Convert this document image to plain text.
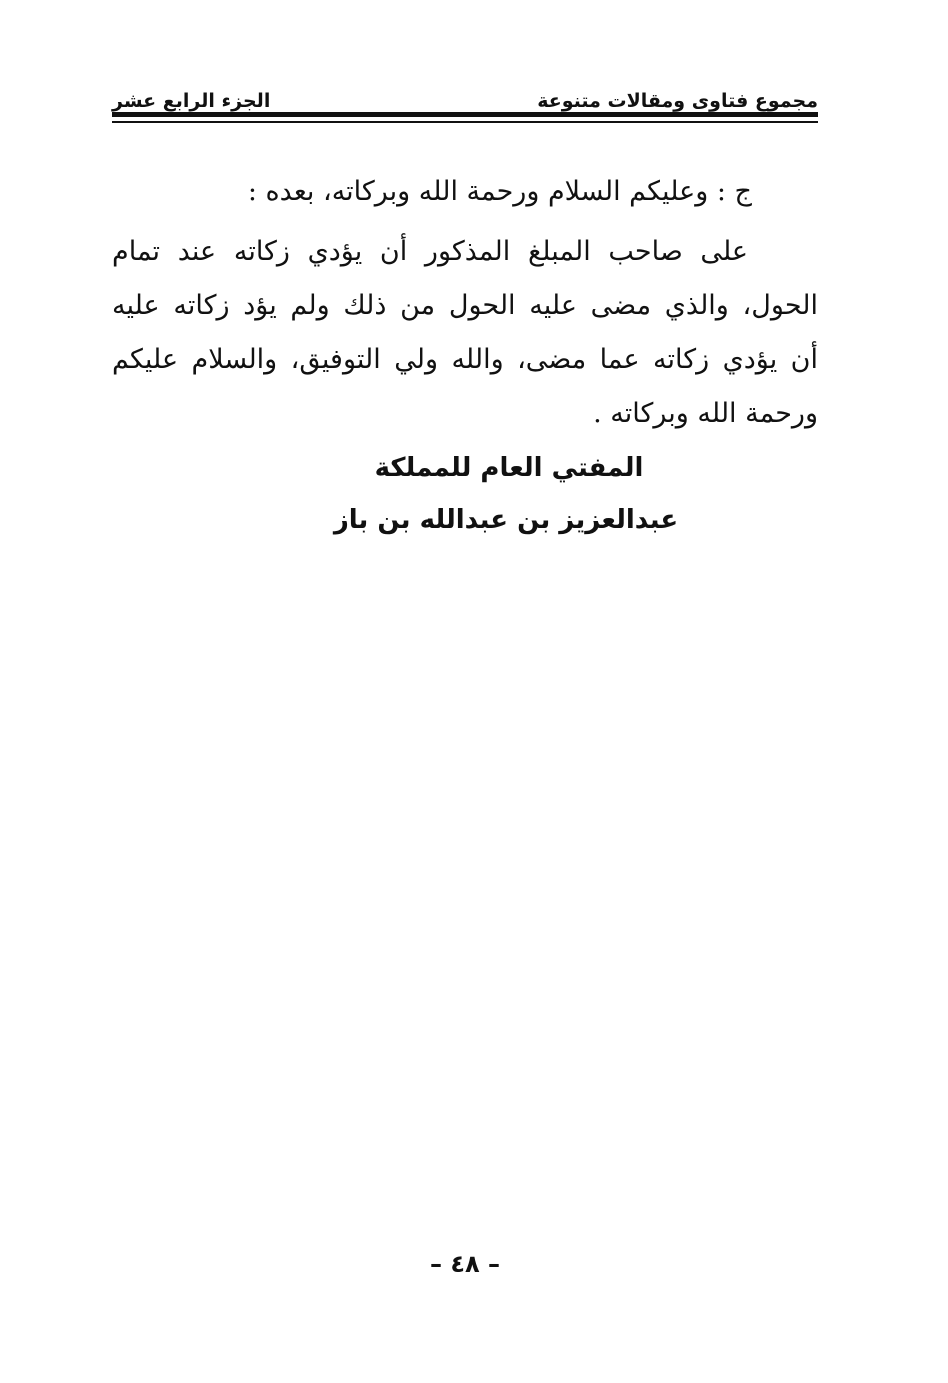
مجموع فتاوى ومقالات متنوعة
الجزء الرابع عشر
ج : وعليكم السلام ورحمة الله وبركاته، بعده :
على صاحب المبلغ المذكور أن يؤدي زكاته عند تمام
الحول، والذي مضى عليه الحول من ذلك ولم يؤد زكاته عليه
أن يؤدي زكاته عما مضى، والله ولي التوفيق، والسلام عليكم
ورحمة الله وبركاته .
المفتي العام للمملكة
عبدالعزيز بن عبدالله بن باز
– ٤٨ –
